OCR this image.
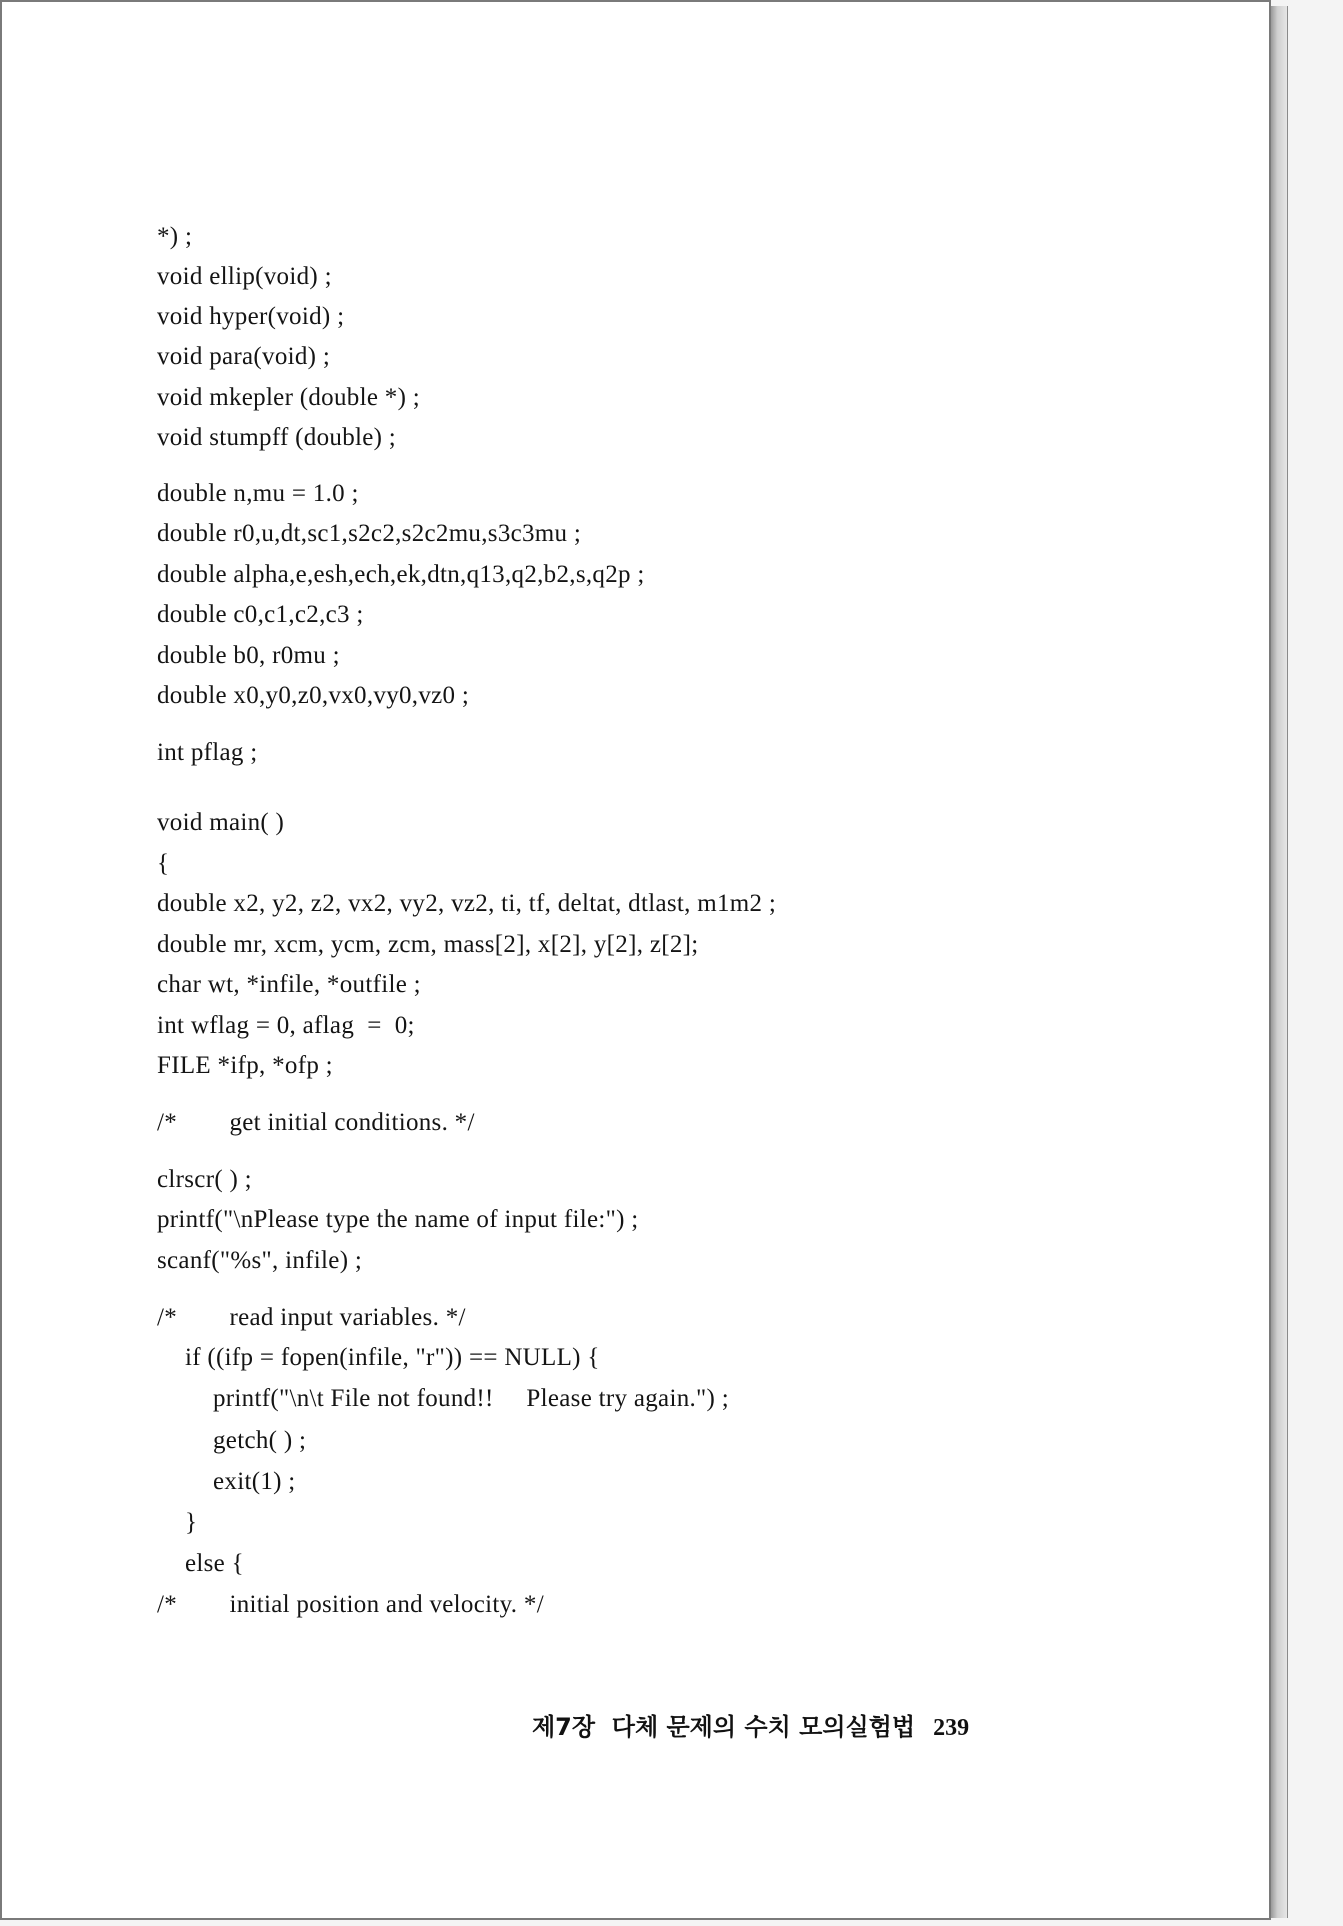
*) ;
void ellip(void) ;
void hyper(void) ;
void para(void) ;
void mkepler (double *) ;
void stumpff (double) ;
double n,mu = 1.0 ;
double r0,u,dt,sc1,s2c2,s2c2mu,s3c3mu ;
double alpha,e,esh,ech,ek,dtn,q13,q2,b2,s,q2p ;
double c0,c1,c2,c3 ;
double b0, r0mu ;
double x0,y0,z0,vx0,vy0,vz0 ;
int pflag ;
void main( )
{
double x2, y2, z2, vx2, vy2, vz2, ti, tf, deltat, dtlast, m1m2 ;
double mr, xcm, ycm, zcm, mass[2], x[2], y[2], z[2];
char wt, *infile, *outfile ;
int wflag = 0, aflag  =  0;
FILE *ifp, *ofp ;
/*        get initial conditions. */
clrscr( ) ;
printf("\nPlease type the name of input file:") ;
scanf("%s", infile) ;
/*        read input variables. */
if ((ifp = fopen(infile, "r")) == NULL) {
printf("\n\t File not found!!     Please try again.") ;
getch( ) ;
exit(1) ;
}
else {
/*        initial position and velocity. */
제7장  다체 문제의 수치 모의실험법 239
